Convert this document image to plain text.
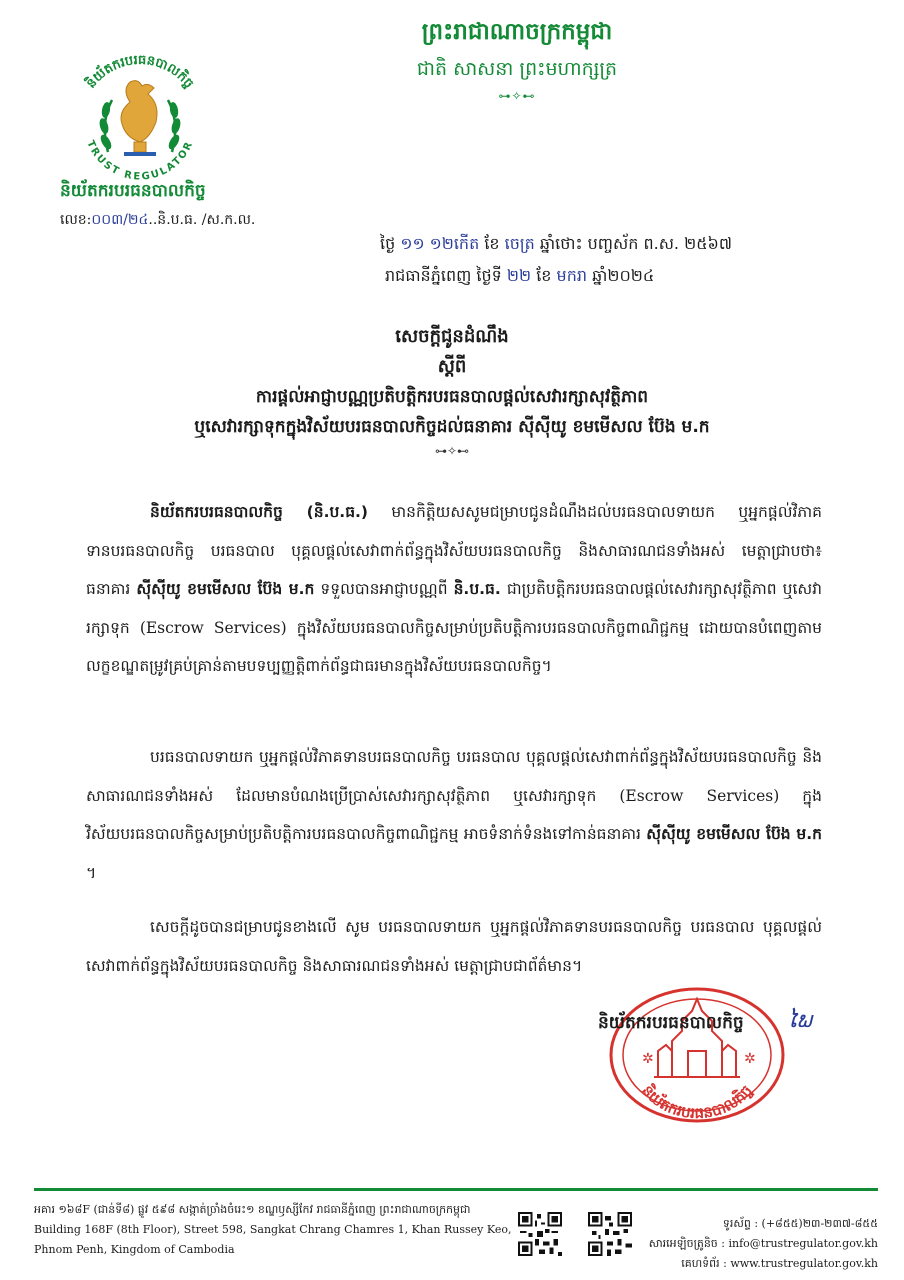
និយ័តករបរធនបាលកិច្ច
TRUST REGULATOR
និយ័តករបរធនបាលកិច្ច
លេខ:០០៣/២៤..និ.ប.ធ. /ស.ក.ល.
ព្រះរាជាណាចក្រកម្ពុជា
ជាតិ សាសនា ព្រះមហាក្សត្រ
⊶✧⊷
ថ្ងៃ ១១ ១២កើត ខែ ចេត្រ ឆ្នាំថោះ បញ្ចស័ក ព.ស. ២៥៦៧
រាជធានីភ្នំពេញ ថ្ងៃទី ២២ ខែ មករា ឆ្នាំ២០២៤
សេចក្តីជូនដំណឹង
ស្តីពី
ការផ្តល់អាជ្ញាបណ្ណប្រតិបត្តិករបរធនបាលផ្តល់សេវារក្សាសុវត្ថិភាព
ឬសេវារក្សាទុកក្នុងវិស័យបរធនបាលកិច្ចដល់ធនាគារ ស៊ីស៊ីយូ ខមមើសល ប៊ែង ម.ក
⊶✧⊷

និយ័តករបរធនបាលកិច្ច (និ.ប.ធ.) មានកិត្តិយសសូមជម្រាបជូនដំណឹងដល់បរធនបាលទាយក ឬអ្នកផ្តល់វិភាគទានបរធនបាលកិច្ច បរធនបាល បុគ្គលផ្តល់សេវាពាក់ព័ន្ធក្នុងវិស័យបរធនបាលកិច្ច និងសាធារណជនទាំងអស់ មេត្តាជ្រាបថា៖ ធនាគារ ស៊ីស៊ីយូ ខមមើសល ប៊ែង ម.ក ទទួលបានអាជ្ញាបណ្ណពី និ.ប.ធ. ជាប្រតិបត្តិករបរធនបាលផ្តល់សេវារក្សាសុវត្ថិភាព ឬសេវារក្សាទុក (Escrow Services) ក្នុងវិស័យបរធនបាលកិច្ចសម្រាប់ប្រតិបត្តិការបរធនបាលកិច្ចពាណិជ្ជកម្ម ដោយបានបំពេញតាមលក្ខខណ្ឌតម្រូវគ្រប់គ្រាន់តាមបទប្បញ្ញត្តិពាក់ព័ន្ធជាធរមានក្នុងវិស័យបរធនបាលកិច្ច។

បរធនបាលទាយក ឬអ្នកផ្តល់វិភាគទានបរធនបាលកិច្ច បរធនបាល បុគ្គលផ្តល់សេវាពាក់ព័ន្ធក្នុងវិស័យបរធនបាលកិច្ច និងសាធារណជនទាំងអស់ ដែលមានបំណងប្រើប្រាស់សេវារក្សាសុវត្ថិភាព ឬសេវារក្សាទុក (Escrow Services) ក្នុងវិស័យបរធនបាលកិច្ចសម្រាប់ប្រតិបត្តិការបរធនបាលកិច្ចពាណិជ្ជកម្ម អាចទំនាក់ទំនងទៅកាន់ធនាគារ ស៊ីស៊ីយូ ខមមើសល ប៊ែង ម.ក ។

សេចក្តីដូចបានជម្រាបជូនខាងលើ សូម បរធនបាលទាយក ឬអ្នកផ្តល់វិភាគទានបរធនបាលកិច្ច បរធនបាល បុគ្គលផ្តល់សេវាពាក់ព័ន្ធក្នុងវិស័យបរធនបាលកិច្ច និងសាធារណជនទាំងអស់ មេត្តាជ្រាបជាព័ត៌មាន។

✲	✲
និយ័តករបរធនបាលកិច្ច
និយ័តករបរធនបាលកិច្ច ໄພ
អគារ ១៦៨F (ជាន់ទី៨) ផ្លូវ ៥៩៨ សង្កាត់ច្រាំងចំរេះ១ ខណ្ឌឫស្សីកែវ រាជធានីភ្នំពេញ ព្រះរាជាណាចក្រកម្ពុជា
Building 168F (8th Floor), Street 598, Sangkat Chrang Chamres 1, Khan Russey Keo,
Phnom Penh, Kingdom of Cambodia
ទូរស័ព្ទ : (+៨៥៥)២៣-២៣៧-៨៥៥
សារអេឡិចត្រូនិច : info@trustregulator.gov.kh
គេហទំព័រ : www.trustregulator.gov.kh
